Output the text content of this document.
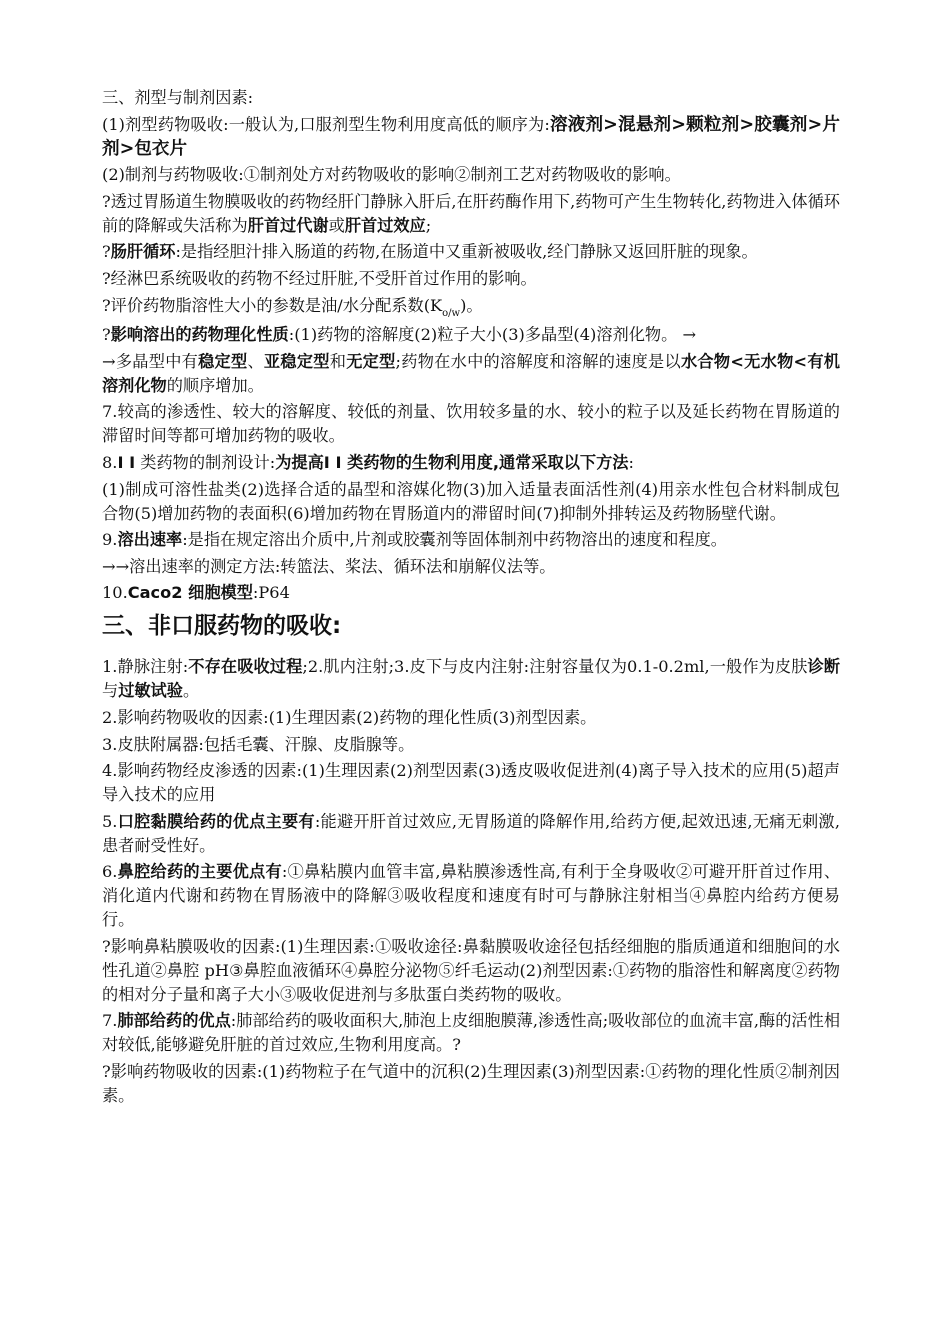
三、剂型与制剂因素:

(1)剂型药物吸收:一般认为,口服剂型生物利用度高低的顺序为:溶液剂>混悬剂>颗粒剂>胶囊剂>片剂>包衣片

(2)制剂与药物吸收:①制剂处方对药物吸收的影响②制剂工艺对药物吸收的影响。

?透过胃肠道生物膜吸收的药物经肝门静脉入肝后,在肝药酶作用下,药物可产生生物转化,药物进入体循环前的降解或失活称为肝首过代谢或肝首过效应;

?肠肝循环:是指经胆汁排入肠道的药物,在肠道中又重新被吸收,经门静脉又返回肝脏的现象。

?经淋巴系统吸收的药物不经过肝脏,不受肝首过作用的影响。

?评价药物脂溶性大小的参数是油/水分配系数$(K_{o/w})$。

?影响溶出的药物理化性质:(1)药物的溶解度(2)粒子大小(3)多晶型(4)溶剂化物。 →

→多晶型中有稳定型、亚稳定型和无定型;药物在水中的溶解度和溶解的速度是以水合物<无水物<有机溶剂化物的顺序增加。

7.较高的渗透性、较大的溶解度、较低的剂量、饮用较多量的水、较小的粒子以及延长药物在胃肠道的滞留时间等都可增加药物的吸收。

8.I I 类药物的制剂设计:为提高I I 类药物的生物利用度,通常采取以下方法:

(1)制成可溶性盐类(2)选择合适的晶型和溶媒化物(3)加入适量表面活性剂(4)用亲水性包合材料制成包合物(5)增加药物的表面积(6)增加药物在胃肠道内的滞留时间(7)抑制外排转运及药物肠壁代谢。

9.溶出速率:是指在规定溶出介质中,片剂或胶囊剂等固体制剂中药物溶出的速度和程度。

→→溶出速率的测定方法:转篮法、桨法、循环法和崩解仪法等。

10.Caco2 细胞模型:P64

三、非口服药物的吸收:

1.静脉注射:不存在吸收过程;2.肌内注射;3.皮下与皮内注射:注射容量仅为0.1-0.2ml,一般作为皮肤诊断与过敏试验。

2.影响药物吸收的因素:(1)生理因素(2)药物的理化性质(3)剂型因素。

3.皮肤附属器:包括毛囊、汗腺、皮脂腺等。

4.影响药物经皮渗透的因素:(1)生理因素(2)剂型因素(3)透皮吸收促进剂(4)离子导入技术的应用(5)超声导入技术的应用

5.口腔黏膜给药的优点主要有:能避开肝首过效应,无胃肠道的降解作用,给药方便,起效迅速,无痛无刺激,患者耐受性好。

6.鼻腔给药的主要优点有:①鼻粘膜内血管丰富,鼻粘膜渗透性高,有利于全身吸收②可避开肝首过作用、消化道内代谢和药物在胃肠液中的降解③吸收程度和速度有时可与静脉注射相当④鼻腔内给药方便易行。

?影响鼻粘膜吸收的因素:(1)生理因素:①吸收途径:鼻黏膜吸收途径包括经细胞的脂质通道和细胞间的水性孔道②鼻腔 pH③鼻腔血液循环④鼻腔分泌物⑤纤毛运动(2)剂型因素:①药物的脂溶性和解离度②药物的相对分子量和离子大小③吸收促进剂与多肽蛋白类药物的吸收。

7.肺部给药的优点:肺部给药的吸收面积大,肺泡上皮细胞膜薄,渗透性高;吸收部位的血流丰富,酶的活性相对较低,能够避免肝脏的首过效应,生物利用度高。?

?影响药物吸收的因素:(1)药物粒子在气道中的沉积(2)生理因素(3)剂型因素:①药物的理化性质②制剂因素。
